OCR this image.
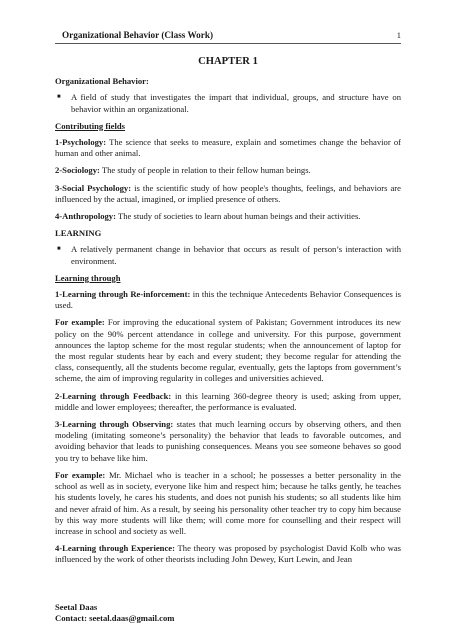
Organizational Behavior (Class Work)	1
CHAPTER 1
Organizational Behavior:
■ A field of study that investigates the impart that individual, groups, and structure have on behavior within an organizational.
Contributing fields

1-Psychology: The science that seeks to measure, explain and sometimes change the behavior of human and other animal.

2-Sociology: The study of people in relation to their fellow human beings.

3-Social Psychology: is the scientific study of how people's thoughts, feelings, and behaviors are influenced by the actual, imagined, or implied presence of others.

4-Anthropology: The study of societies to learn about human beings and their activities.

LEARNING
■ A relatively permanent change in behavior that occurs as result of person’s interaction with environment.
Learning through

1-Learning through Re-inforcement: in this the technique Antecedents Behavior Consequences is used.

For example: For improving the educational system of Pakistan; Government introduces its new policy on the 90% percent attendance in college and university. For this purpose, government announces the laptop scheme for the most regular students; when the announcement of laptop for the most regular students hear by each and every student; they become regular for attending the class, consequently, all the students become regular, eventually, gets the laptops from government’s scheme, the aim of improving regularity in colleges and universities achieved.

2-Learning through Feedback: in this learning 360-degree theory is used; asking from upper, middle and lower employees; thereafter, the performance is evaluated.

3-Learning through Observing: states that much learning occurs by observing others, and then modeling (imitating someone’s personality) the behavior that leads to favorable outcomes, and avoiding behavior that leads to punishing consequences. Means you see someone behaves so good you try to behave like him.

For example: Mr. Michael who is teacher in a school; he possesses a better personality in the school as well as in society, everyone like him and respect him; because he talks gently, he teaches his students lovely, he cares his students, and does not punish his students; so all students like him and never afraid of him. As a result, by seeing his personality other teacher try to copy him because by this way more students will like them; will come more for counselling and their respect will increase in school and society as well.

4-Learning through Experience: The theory was proposed by psychologist David Kolb who was influenced by the work of other theorists including John Dewey, Kurt Lewin, and Jean

Seetal Daas
Contact: seetal.daas@gmail.com
